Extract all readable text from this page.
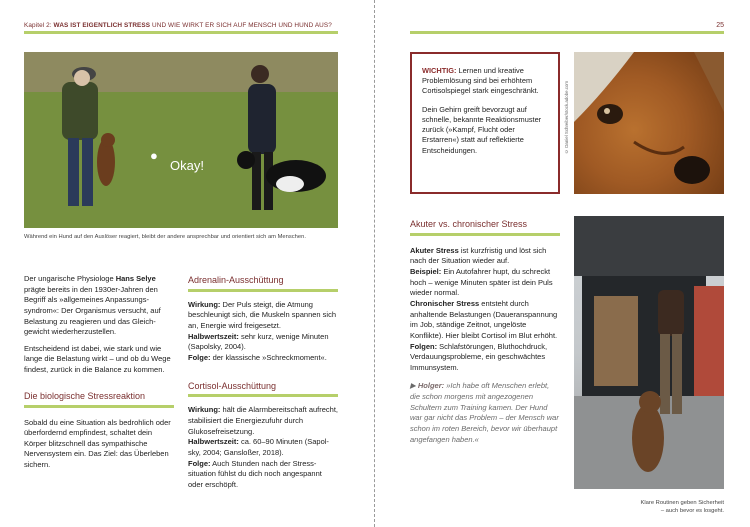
Kapitel 2: WAS IST EIGENTLICH STRESS UND WIE WIRKT ER SICH AUF MENSCH UND HUND AUS?
●
Okay!
Während ein Hund auf den Auslöser reagiert, bleibt der andere ansprechbar und orientiert sich am Menschen.

Der ungarische Physiologe Hans Selye prägte bereits in den 1930er-Jahren den Begriff als »allgemeines Anpassungssyndrom«: Der Organismus versucht, auf Belastung zu reagieren und das Gleichgewicht wiederherzustellen.

Entscheidend ist dabei, wie stark und wie lange die Belastung wirkt – und ob du Wege findest, zurück in die Balance zu kommen.

Die biologische Stressreaktion

Sobald du eine Situation als bedrohlich oder überfordernd empfindest, schaltet dein Körper blitzschnell das sympathische Nervensystem ein. Das Ziel: das Überleben sichern.

Adrenalin-Ausschüttung

Wirkung: Der Puls steigt, die Atmung beschleunigt sich, die Muskeln spannen sich an, Energie wird freigesetzt.

Halbwertszeit: sehr kurz, wenige Minuten (Sapolsky, 2004).

Folge: der klassische »Schreckmoment«.

Cortisol-Ausschüttung

Wirkung: hält die Alarmbereitschaft aufrecht, stabilisiert die Energiezufuhr durch Glukosefreisetzung.

Halbwertszeit: ca. 60–90 Minuten (Sapolsky, 2004; Gansloßer, 2018).

Folge: Auch Stunden nach der Stresssituation fühlst du dich noch angespannt oder erschöpft.

25

WICHTIG: Lernen und kreative Problemlösung sind bei erhöhtem Cortisolspiegel stark eingeschränkt.

Dein Gehirn greift bevorzugt auf schnelle, bekannte Reaktionsmuster zurück (»Kampf, Flucht oder Erstarren«) statt auf reflektierte Entscheidungen.	© Daniel Schreiber/stock.adobe.com
Akuter vs. chronischer Stress

Akuter Stress ist kurzfristig und löst sich nach der Situation wieder auf.

Beispiel: Ein Autofahrer hupt, du schreckt hoch – wenige Minuten später ist dein Puls wieder normal.

Chronischer Stress entsteht durch anhaltende Belastungen (Daueranspannung im Job, ständige Zeitnot, ungelöste Konflikte). Hier bleibt Cortisol im Blut erhöht.

Folgen: Schlafstörungen, Bluthochdruck, Verdauungsprobleme, ein geschwächtes Immunsystem.

▶ Holger: »Ich habe oft Menschen erlebt, die schon morgens mit angezogenen Schultern zum Training kamen. Der Hund war gar nicht das Problem – der Mensch war schon im roten Bereich, bevor wir überhaupt angefangen haben.«

Klare Routinen geben Sicherheit
– auch bevor es losgeht.
